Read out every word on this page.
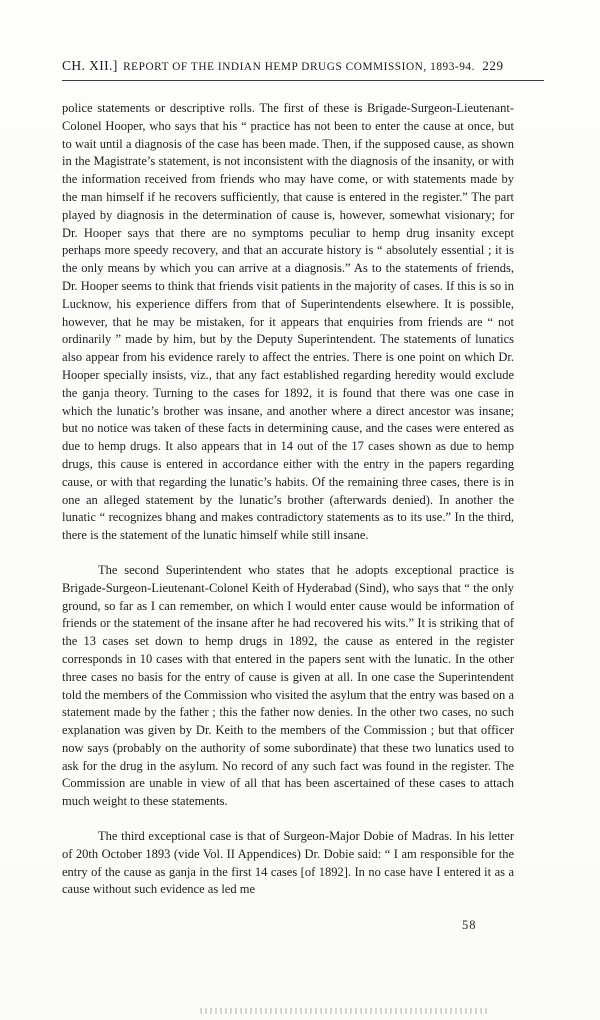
CH. XII.] REPORT OF THE INDIAN HEMP DRUGS COMMISSION, 1893-94. 229

police statements or descriptive rolls. The first of these is Brigade-Surgeon-Lieutenant-Colonel Hooper, who says that his “ practice has not been to enter the cause at once, but to wait until a diagnosis of the case has been made. Then, if the supposed cause, as shown in the Magistrate’s statement, is not inconsistent with the diagnosis of the insanity, or with the information received from friends who may have come, or with statements made by the man himself if he recovers sufficiently, that cause is entered in the register.” The part played by diagnosis in the determination of cause is, however, somewhat visionary; for Dr. Hooper says that there are no symptoms peculiar to hemp drug insanity except perhaps more speedy recovery, and that an accurate history is “ absolutely essential ; it is the only means by which you can arrive at a diagnosis.” As to the statements of friends, Dr. Hooper seems to think that friends visit patients in the majority of cases. If this is so in Lucknow, his experience differs from that of Superintendents elsewhere. It is possible, however, that he may be mistaken, for it appears that enquiries from friends are “ not ordinarily ” made by him, but by the Deputy Superintendent. The statements of lunatics also appear from his evidence rarely to affect the entries. There is one point on which Dr. Hooper specially insists, viz., that any fact established regarding heredity would exclude the ganja theory. Turning to the cases for 1892, it is found that there was one case in which the lunatic’s brother was insane, and another where a direct ancestor was insane; but no notice was taken of these facts in determining cause, and the cases were entered as due to hemp drugs. It also appears that in 14 out of the 17 cases shown as due to hemp drugs, this cause is entered in accordance either with the entry in the papers regarding cause, or with that regarding the lunatic’s habits. Of the remaining three cases, there is in one an alleged statement by the lunatic’s brother (afterwards denied). In another the lunatic “ recognizes bhang and makes contradictory statements as to its use.” In the third, there is the statement of the lunatic himself while still insane.

The second Superintendent who states that he adopts exceptional practice is Brigade-Surgeon-Lieutenant-Colonel Keith of Hyderabad (Sind), who says that “ the only ground, so far as I can remember, on which I would enter cause would be information of friends or the statement of the insane after he had recovered his wits.” It is striking that of the 13 cases set down to hemp drugs in 1892, the cause as entered in the register corresponds in 10 cases with that entered in the papers sent with the lunatic. In the other three cases no basis for the entry of cause is given at all. In one case the Superintendent told the members of the Commission who visited the asylum that the entry was based on a statement made by the father ; this the father now denies. In the other two cases, no such explanation was given by Dr. Keith to the members of the Commission ; but that officer now says (probably on the authority of some subordinate) that these two lunatics used to ask for the drug in the asylum. No record of any such fact was found in the register. The Commission are unable in view of all that has been ascertained of these cases to attach much weight to these statements.

The third exceptional case is that of Surgeon-Major Dobie of Madras. In his letter of 20th October 1893 (vide Vol. II Appendices) Dr. Dobie said: “ I am responsible for the entry of the cause as ganja in the first 14 cases [of 1892]. In no case have I entered it as a cause without such evidence as led me

58
